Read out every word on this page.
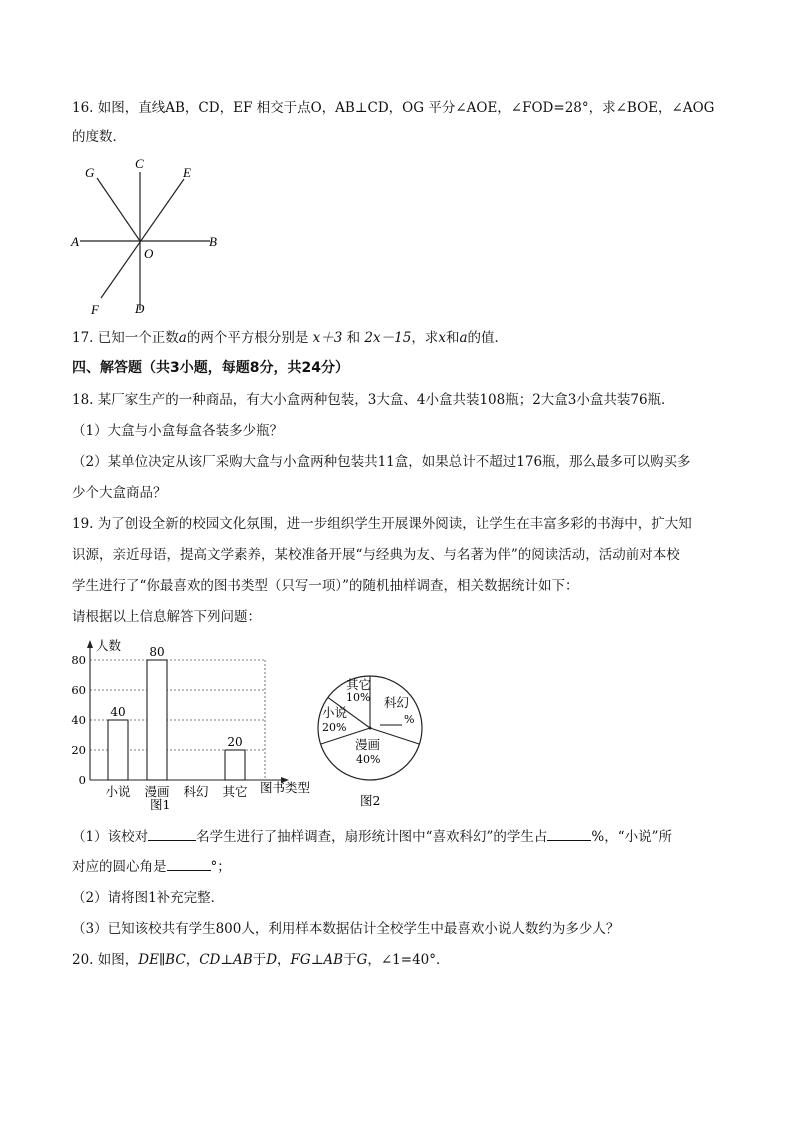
16. 如图，直线AB，CD，EF 相交于点O，AB⊥CD，OG 平分∠AOE，∠FOD=28°，求∠BOE，∠AOG
的度数．
G
C
E
A
O
B
F	D
17. 已知一个正数a的两个平方根分别是 x＋3 和 2x－15，求x和a的值．
四、解答题（共3小题，每题8分，共24分）
18. 某厂家生产的一种商品，有大小盒两种包装，3大盒、4小盒共装108瓶；2大盒3小盒共装76瓶．
（1）大盒与小盒每盒各装多少瓶？
（2）某单位决定从该厂采购大盒与小盒两种包装共11盒，如果总计不超过176瓶，那么最多可以购买多
少个大盒商品？
19. 为了创设全新的校园文化氛围，进一步组织学生开展课外阅读，让学生在丰富多彩的书海中，扩大知
识源，亲近母语，提高文学素养，某校准备开展“与经典为友、与名著为伴”的阅读活动，活动前对本校
学生进行了“你最喜欢的图书类型（只写一项）”的随机抽样调查，相关数据统计如下：
请根据以上信息解答下列问题：
0
20
40
60
80
40
小说
80
漫画 科幻
20
其它
人数
图书类型
图1
其它
10% 科幻
%
小说
20%
漫画
40%
图2
（1）该校对	名学生进行了抽样调查，扇形统计图中“喜欢科幻”的学生占	%，“小说”所
对应的圆心角是	°；
（2）请将图1补充完整．
（3）已知该校共有学生800人，利用样本数据估计全校学生中最喜欢小说人数约为多少人？
20. 如图，DE∥BC，CD⊥AB于D，FG⊥AB于G，∠1=40°．
